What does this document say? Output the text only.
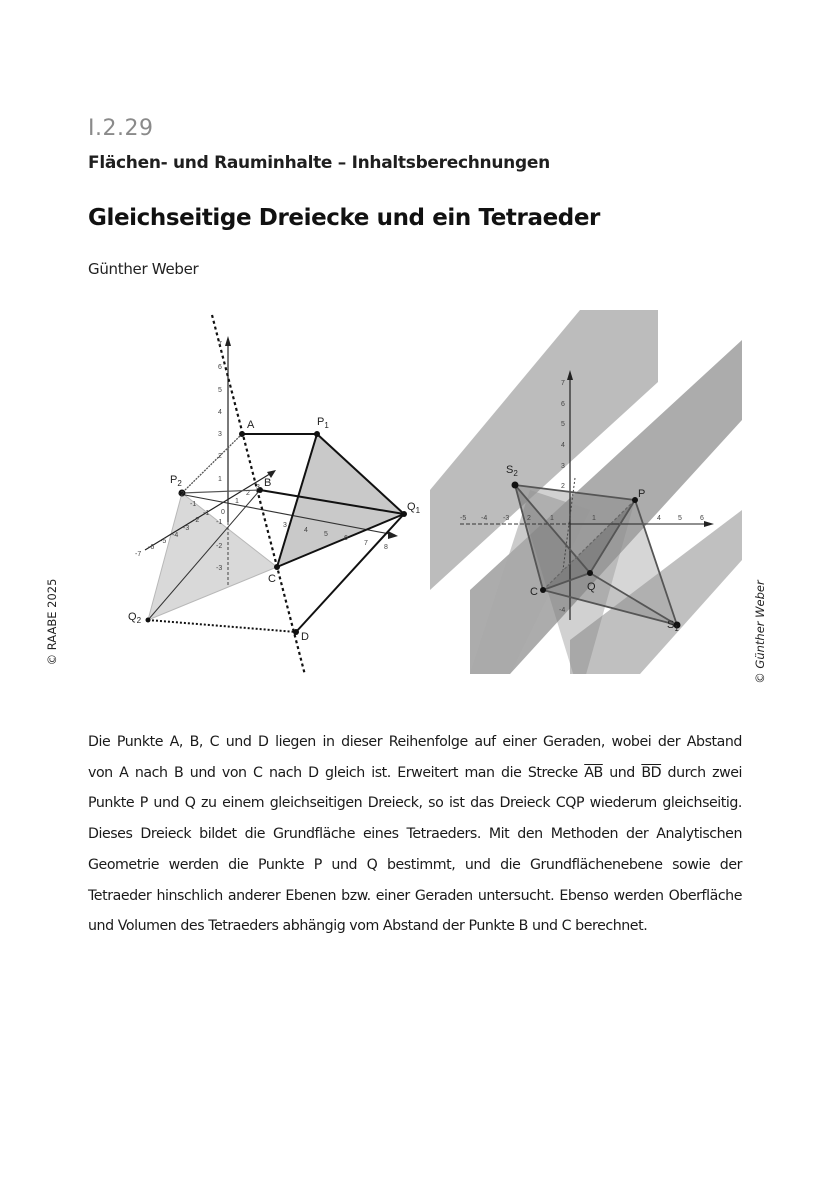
I.2.29
Flächen- und Rauminhalte – Inhaltsberechnungen
Gleichseitige Dreiecke und ein Tetraeder
Günther Weber
© RAABE 2025	© Günther Weber
A
B
C
D
$P_1$
$P_2$
$Q_1$
$Q_2$
7
6
5
4
3
2
1
-1
-2
-3
1
2
3
-1
-2
-3
-4
-5
-6
-7
3
4
5
6
7
8
-1
-2
0
$S_2$
P
C	Q
$S_1$
7
6
5
4
3
2
-4
-5 -4 -3	2	1	1	4 5	6

Die Punkte A, B, C und D liegen in dieser Reihenfolge auf einer Geraden, wobei der Abstand

von A nach B und von C nach D gleich ist. Erweitert man die Strecke $\overline{AB}$ und $\overline{BD}$ durch zwei

Punkte P und Q zu einem gleichseitigen Dreieck, so ist das Dreieck CQP wiederum gleichseitig. Dieses Dreieck bildet die Grundfläche eines Tetraeders. Mit den Methoden der Analytischen Geometrie werden die Punkte P und Q bestimmt, und die Grundflächenebene sowie der Tetraeder hinschlich anderer Ebenen bzw. einer Geraden untersucht. Ebenso werden Oberfläche und Volumen des Tetraeders abhängig vom Abstand der Punkte B und C berechnet.
